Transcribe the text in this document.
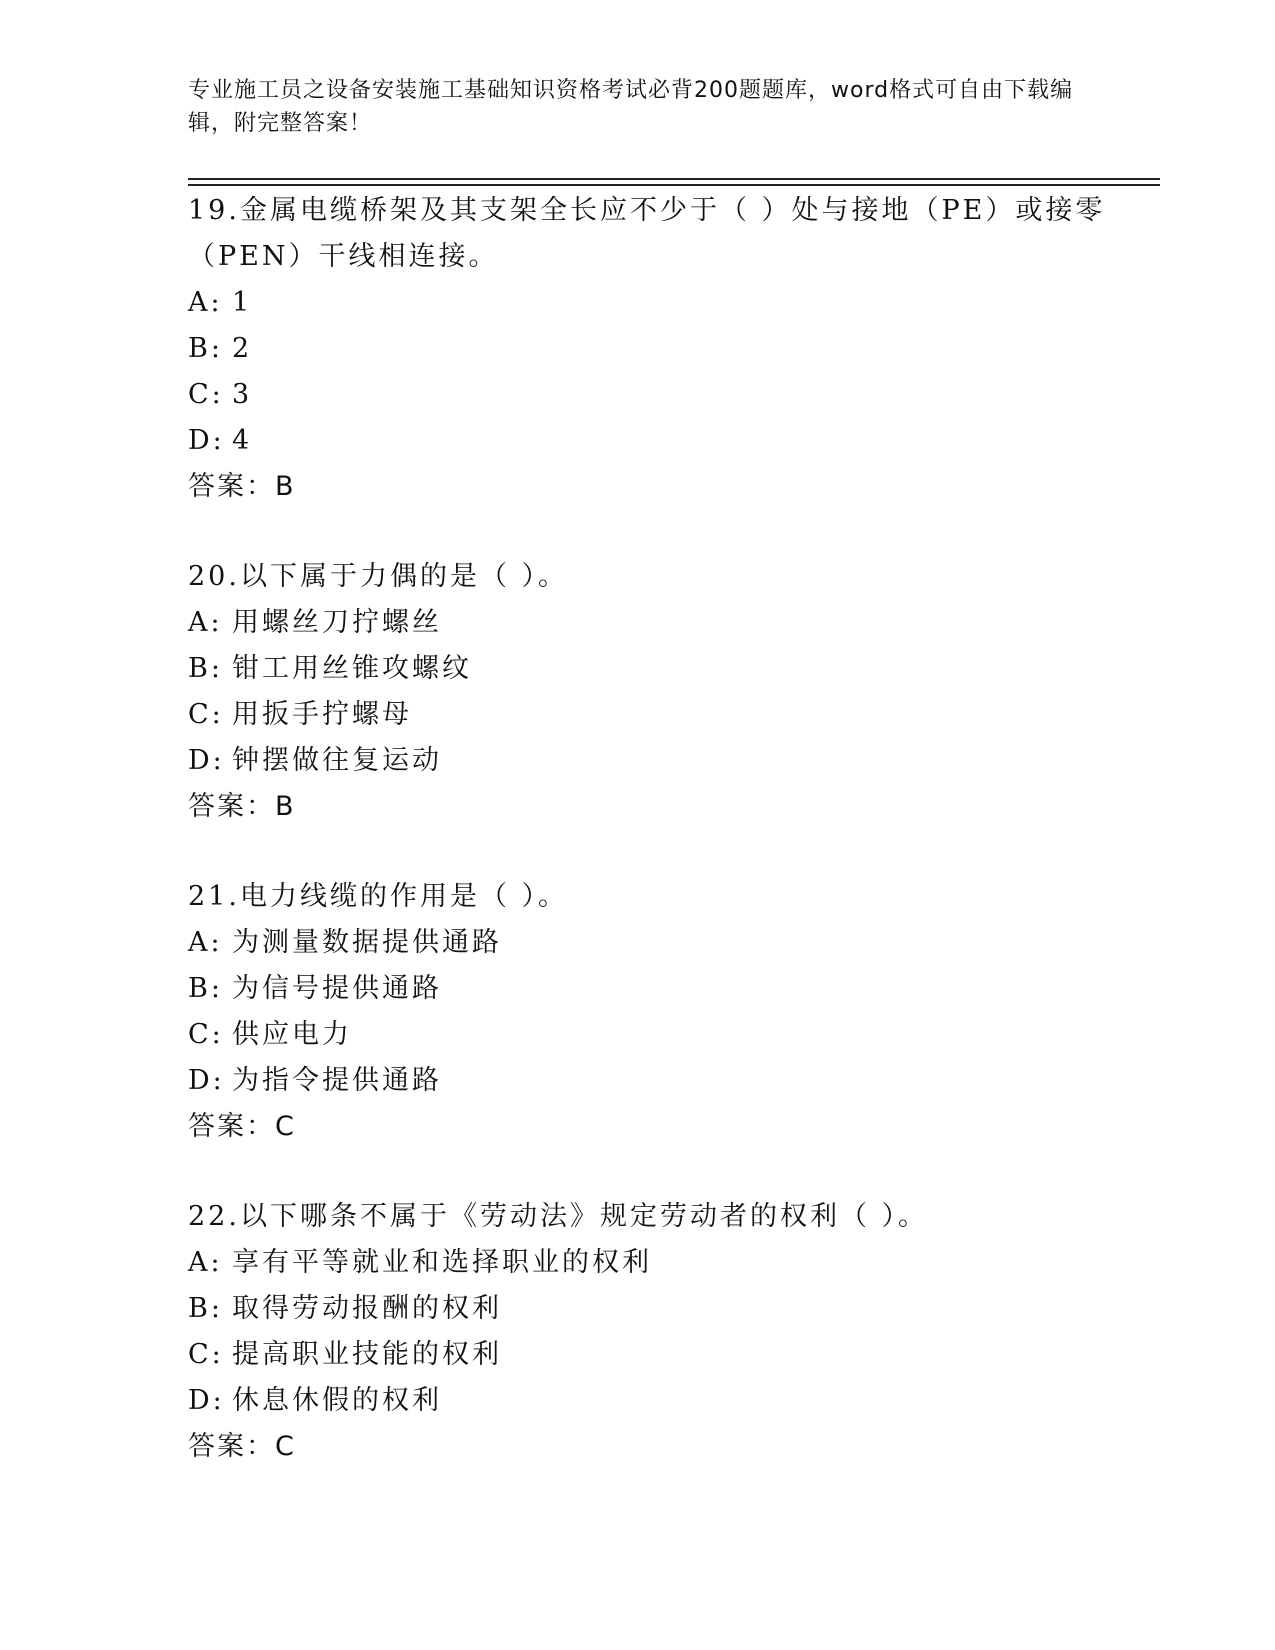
专业施工员之设备安装施工基础知识资格考试必背200题题库，word格式可自由下载编辑，附完整答案！

19.金属电缆桥架及其支架全长应不少于（ ）处与接地（PE）或接零（PEN）干线相连接。

A: 1

B: 2

C: 3

D: 4

答案：B

20.以下属于力偶的是（ ）。

A: 用螺丝刀拧螺丝

B: 钳工用丝锥攻螺纹

C: 用扳手拧螺母

D: 钟摆做往复运动

答案：B

21.电力线缆的作用是（ ）。

A: 为测量数据提供通路

B: 为信号提供通路

C: 供应电力

D: 为指令提供通路

答案：C

22.以下哪条不属于《劳动法》规定劳动者的权利（ ）。

A: 享有平等就业和选择职业的权利

B: 取得劳动报酬的权利

C: 提高职业技能的权利

D: 休息休假的权利

答案：C
